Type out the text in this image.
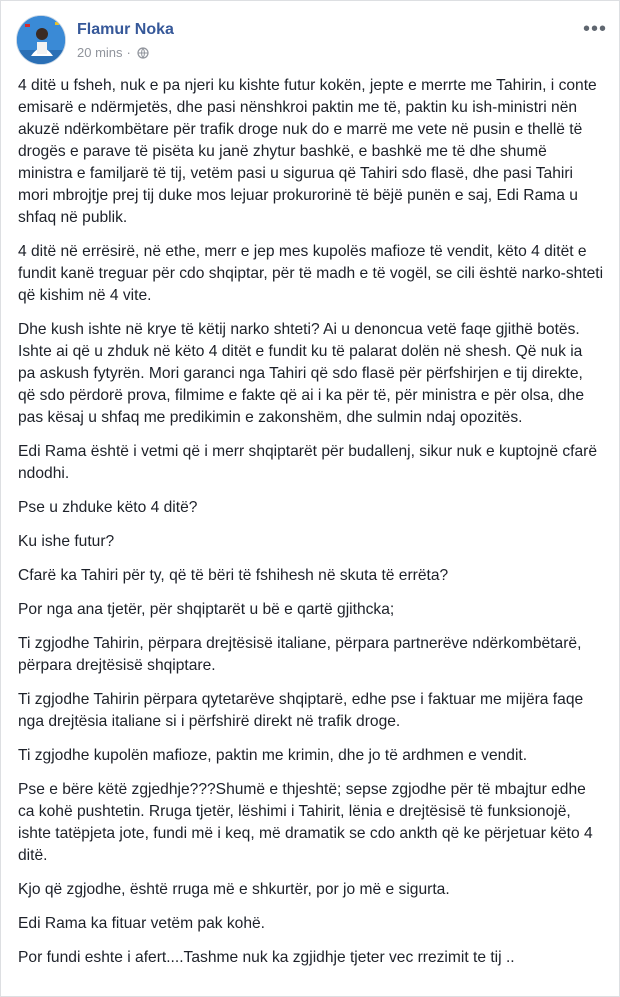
Flamur Noka
20 mins ·
•••

4 ditë u fsheh, nuk e pa njeri ku kishte futur kokën, jepte e merrte me Tahirin, i conte emisarë e ndërmjetës, dhe pasi nënshkroi paktin me të, paktin ku ish-ministri nën akuzë ndërkombëtare për trafik droge nuk do e marrë me vete në pusin e thellë të drogës e parave të pisëta ku janë zhytur bashkë, e bashkë me të dhe shumë ministra e familjarë të tij, vetëm pasi u sigurua që Tahiri sdo flasë, dhe pasi Tahiri mori mbrojtje prej tij duke mos lejuar prokurorinë të bëjë punën e saj, Edi Rama u shfaq në publik.

4 ditë në errësirë, në ethe, merr e jep mes kupolës mafioze të vendit, këto 4 ditët e fundit kanë treguar për cdo shqiptar, për të madh e të vogël, se cili është narko-shteti që kishim në 4 vite.

Dhe kush ishte në krye të këtij narko shteti? Ai u denoncua vetë faqe gjithë botës. Ishte ai që u zhduk në këto 4 ditët e fundit ku të palarat dolën në shesh. Që nuk ia pa askush fytyrën. Mori garanci nga Tahiri që sdo flasë për përfshirjen e tij direkte, që sdo përdorë prova, filmime e fakte që ai i ka për të, për ministra e për olsa, dhe pas kësaj u shfaq me predikimin e zakonshëm, dhe sulmin ndaj opozitës.

Edi Rama është i vetmi që i merr shqiptarët për budallenj, sikur nuk e kuptojnë cfarë ndodhi.

Pse u zhduke këto 4 ditë?

Ku ishe futur?

Cfarë ka Tahiri për ty, që të bëri të fshihesh në skuta të errëta?

Por nga ana tjetër, për shqiptarët u bë e qartë gjithcka;

Ti zgjodhe Tahirin, përpara drejtësisë italiane, përpara partnerëve ndërkombëtarë, përpara drejtësisë shqiptare.

Ti zgjodhe Tahirin përpara qytetarëve shqiptarë, edhe pse i faktuar me mijëra faqe nga drejtësia italiane si i përfshirë direkt në trafik droge.

Ti zgjodhe kupolën mafioze, paktin me krimin, dhe jo të ardhmen e vendit.

Pse e bëre këtë zgjedhje???Shumë e thjeshtë; sepse zgjodhe për të mbajtur edhe ca kohë pushtetin. Rruga tjetër, lëshimi i Tahirit, lënia e drejtësisë të funksionojë, ishte tatëpjeta jote, fundi më i keq, më dramatik se cdo ankth që ke përjetuar këto 4 ditë.

Kjo që zgjodhe, është rruga më e shkurtër, por jo më e sigurta.

Edi Rama ka fituar vetëm pak kohë.

Por fundi eshte i afert....Tashme nuk ka zgjidhje tjeter vec rrezimit te tij ..
